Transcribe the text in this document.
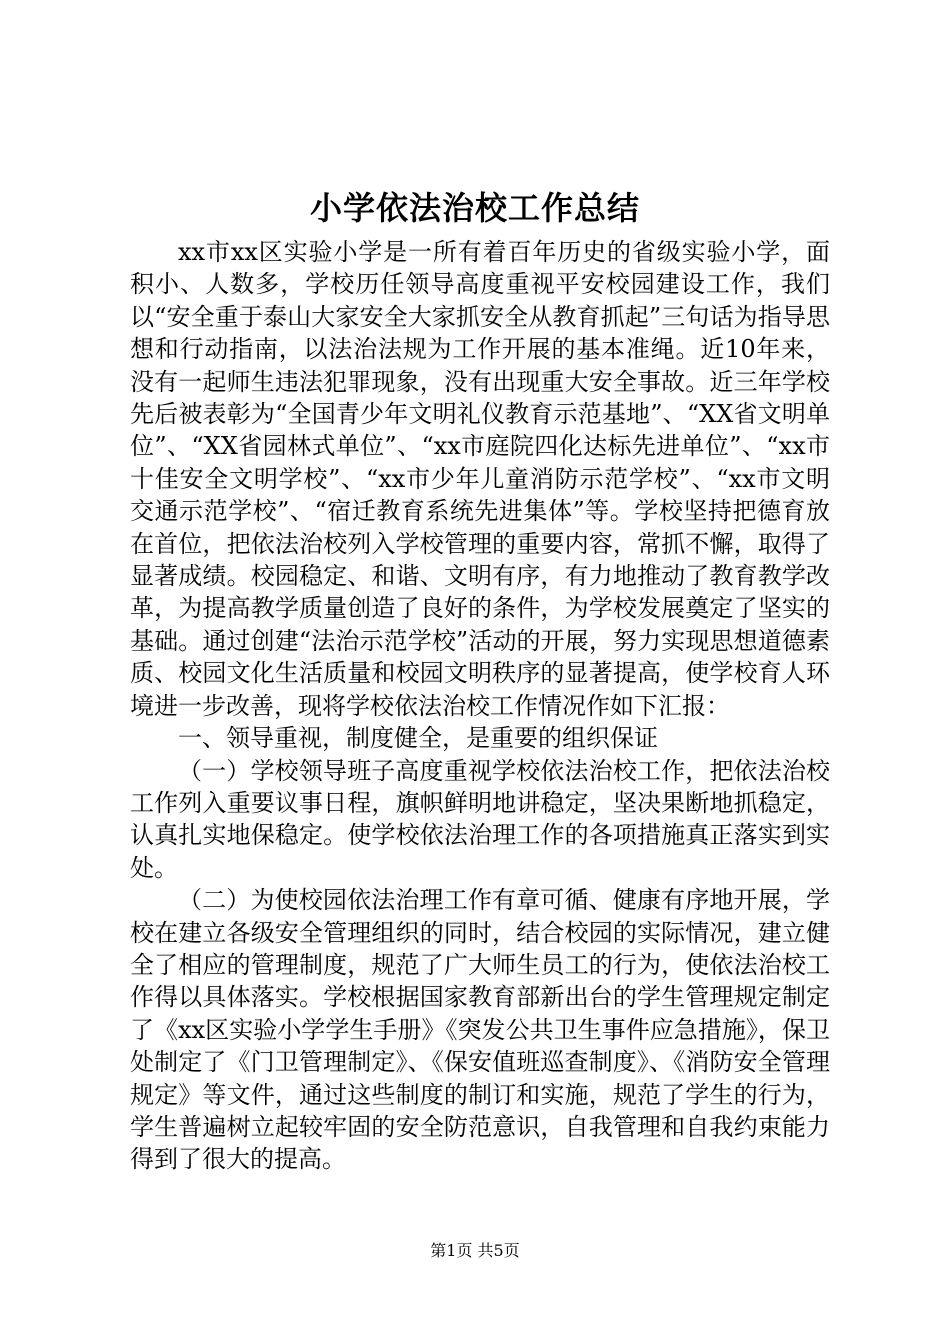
小学依法治校工作总结

xx市xx区实验小学是一所有着百年历史的省级实验小学，面积小、人数多，学校历任领导高度重视平安校园建设工作，我们以“安全重于泰山大家安全大家抓安全从教育抓起”三句话为指导思想和行动指南，以法治法规为工作开展的基本准绳。近10年来，没有一起师生违法犯罪现象，没有出现重大安全事故。近三年学校先后被表彰为“全国青少年文明礼仪教育示范基地”、“XX省文明单位”、“XX省园林式单位”、“xx市庭院四化达标先进单位”、“xx市十佳安全文明学校”、“xx市少年儿童消防示范学校”、“xx市文明交通示范学校”、“宿迁教育系统先进集体”等。学校坚持把德育放在首位，把依法治校列入学校管理的重要内容，常抓不懈，取得了显著成绩。校园稳定、和谐、文明有序，有力地推动了教育教学改革，为提高教学质量创造了良好的条件，为学校发展奠定了坚实的基础。通过创建“法治示范学校”活动的开展，努力实现思想道德素质、校园文化生活质量和校园文明秩序的显著提高，使学校育人环境进一步改善，现将学校依法治校工作情况作如下汇报：

一、领导重视，制度健全，是重要的组织保证

（一）学校领导班子高度重视学校依法治校工作，把依法治校工作列入重要议事日程，旗帜鲜明地讲稳定，坚决果断地抓稳定，认真扎实地保稳定。使学校依法治理工作的各项措施真正落实到实处。

（二）为使校园依法治理工作有章可循、健康有序地开展，学校在建立各级安全管理组织的同时，结合校园的实际情况，建立健全了相应的管理制度，规范了广大师生员工的行为，使依法治校工作得以具体落实。学校根据国家教育部新出台的学生管理规定制定了《xx区实验小学学生手册》《突发公共卫生事件应急措施》，保卫处制定了《门卫管理制定》、《保安值班巡查制度》、《消防安全管理规定》等文件，通过这些制度的制订和实施，规范了学生的行为，学生普遍树立起较牢固的安全防范意识，自我管理和自我约束能力得到了很大的提高。

第1页 共5页
